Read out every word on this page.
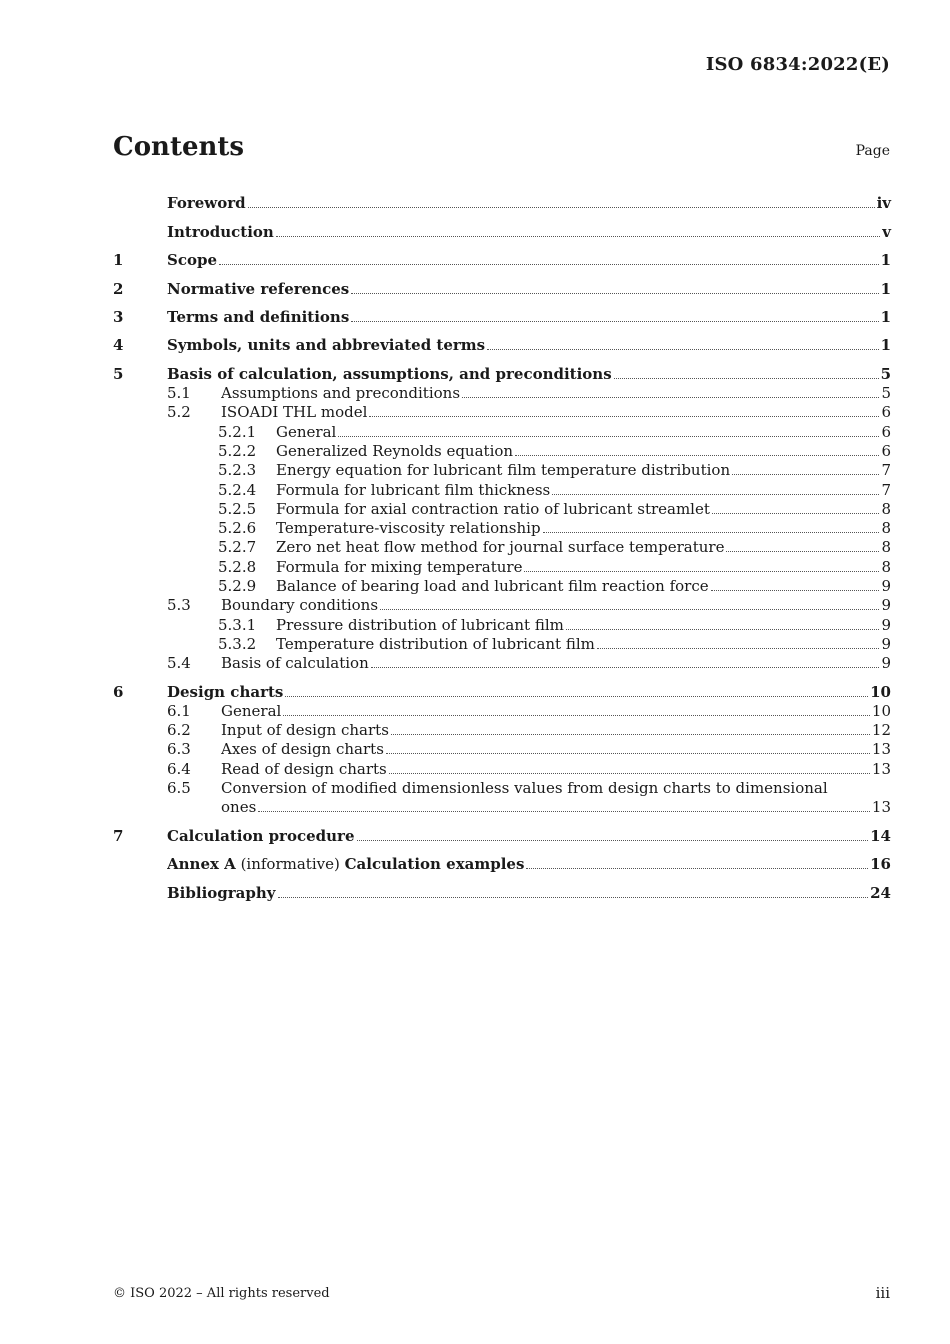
ISO 6834:2022(E)
Contents	Page
Foreword	iv
Introduction	v
1	Scope	1
2	Normative references	1
3	Terms and definitions	1
4	Symbols, units and abbreviated terms	1
5	Basis of calculation, assumptions, and preconditions	5
5.1	Assumptions and preconditions	5
5.2	ISOADI THL model	6
5.2.1	General	6
5.2.2	Generalized Reynolds equation	6
5.2.3	Energy equation for lubricant film temperature distribution	7
5.2.4	Formula for lubricant film thickness	7
5.2.5	Formula for axial contraction ratio of lubricant streamlet	8
5.2.6	Temperature-viscosity relationship	8
5.2.7	Zero net heat flow method for journal surface temperature	8
5.2.8	Formula for mixing temperature	8
5.2.9	Balance of bearing load and lubricant film reaction force	9
5.3	Boundary conditions	9
5.3.1	Pressure distribution of lubricant film	9
5.3.2	Temperature distribution of lubricant film	9
5.4	Basis of calculation	9
6	Design charts	10
6.1	General	10
6.2	Input of design charts	12
6.3	Axes of design charts	13
6.4	Read of design charts	13
6.5	Conversion of modified dimensionless values from design charts to dimensional
ones	13
7	Calculation procedure	14
Annex A (informative) Calculation examples	16
Bibliography	24
© ISO 2022 – All rights reserved	iii
